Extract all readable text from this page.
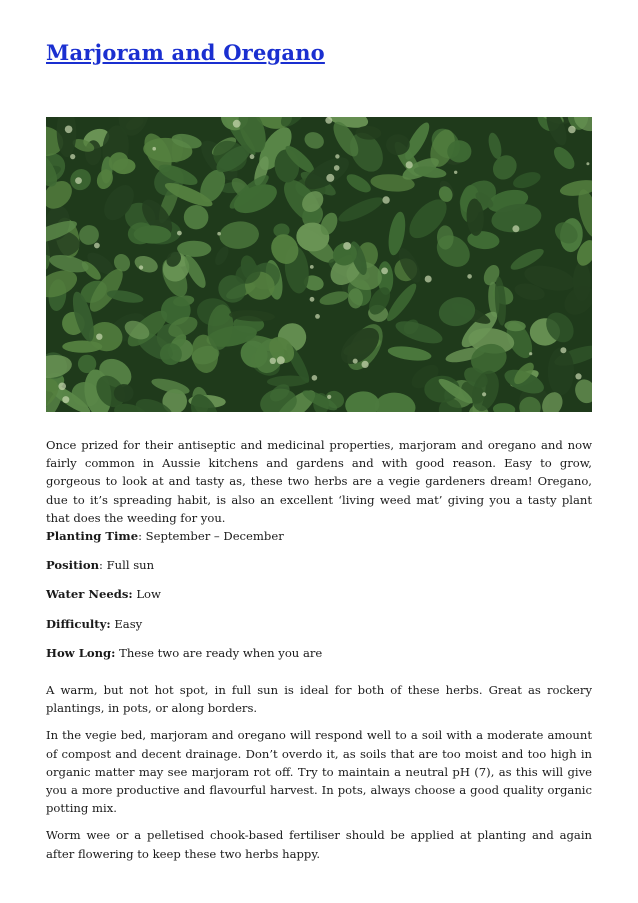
Marjoram and Oregano

Once prized for their antiseptic and medicinal properties, marjoram and oregano and now fairly common in Aussie kitchens and gardens and with good reason. Easy to grow, gorgeous to look at and tasty as, these two herbs are a vegie gardeners dream! Oregano, due to it’s spreading habit, is also an excellent ‘living weed mat’ giving you a tasty plant that does the weeding for you.

Planting Time: September – December

Position: Full sun

Water Needs: Low

Difficulty: Easy

How Long: These two are ready when you are

A warm, but not hot spot, in full sun is ideal for both of these herbs. Great as rockery plantings, in pots, or along borders.

In the vegie bed, marjoram and oregano will respond well to a soil with a moderate amount of compost and decent drainage. Don’t overdo it, as soils that are too moist and too high in organic matter may see marjoram rot off. Try to maintain a neutral pH (7), as this will give you a more productive and flavourful harvest. In pots, always choose a good quality organic potting mix.

Worm wee or a pelletised chook-based fertiliser should be applied at planting and again after flowering to keep these two herbs happy.
